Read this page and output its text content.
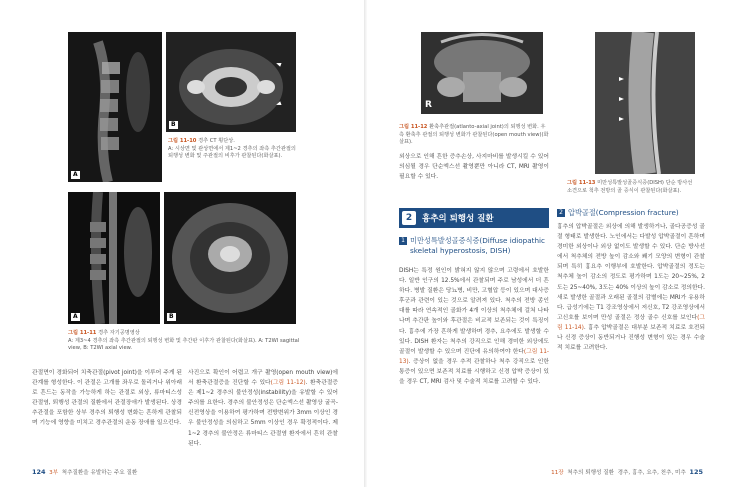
A
B
그림 11-10 경추 CT 횡단상.
A: 시상면 및 관상면에서 제1~2 경추의 좌측 추간관절의 퇴행성 변화 및 주관절의 비후가 관찰된다(화살표).
A	B
그림 11-11 경추 자기공명영상
A: 제3~4 경추의 좌측 추간관절의 퇴행성 변화 및 추간판 이후가 관찰된다(화살표). A: T2WI sagittal view, B: T2WI axial view.

관절면이 경화되어 치축관절(pivot joint)을 이루어 주게 된 관계를 형성한다. 이 관절은 고개를 좌우로 돌리거나 위아래로 흔드는 동작을 가능하게 하는 관절로 외상, 류마티스성 관절염, 퇴행성 관절의 질환에서 관절장애가 발생된다. 상경추관절을 포함한 상부 경추의 퇴행성 변화는 흔하게 관찰되며 기능에 영향을 미치고 경추관절의 운동 장애를 일으킨다.

사진으로 확인이 어렵고 개구 촬영(open mouth view)에서 환축관절증을 진단할 수 있다(그림 11-12). 환축관절증은 제1~2 경추의 불안정성(instability)을 유발할 수 있어 주의를 요한다. 경추의 불안정성은 단순엑스선 촬영상 굴곡-신전영상을 이용하여 평가하며 전방변위가 3mm 이상인 경우 불안정성을 의심하고 5mm 이상인 경우 확정적이다. 제1~2 경추의 불안정은 류마티스 관절염 환자에서 흔히 관찰된다.

124 3부 척추질환을 유발하는 주요 질환
R
그림 11-12 환축추관절(atlanto-axial joint)의 퇴행성 변화. 우측 환축추 관절의 퇴행성 변화가 관찰된다(open mouth view)(화살표).
그림 11-13 미만성특발성골증식증(DISH) 단순 방사선 소견으로 척추 전방의 골 증식이 관찰된다(화살표).

외상으로 인해 흔한 증추손상, 사지마비를 발생시킬 수 있어 의심될 경우 단순엑스선 촬영뿐만 아니라 CT, MRI 촬영이 필요할 수 있다.

2	흉추의 퇴행성 질환
1 미만성특발성골증식증(Diffuse idiopathic skeletal hyperostosis, DISH)

DISH는 특정 원인이 밝혀지 않지 않으며 고령에서 호발한다. 일반 인구의 12.5%에서 관찰되며 주로 남성에서 더 흔하다. 병발 질환은 당뇨병, 비만, 고혈압 등이 있으며 대사증후군과 관련이 있는 것으로 알려져 있다. 척추의 전방 종인대를 따라 연속적인 골화가 4개 이상의 척추체에 걸쳐 나타나며 추간판 높이와 후관절은 비교적 보존되는 것이 특징이다. 흉추에 가장 흔하게 발생하며 경추, 요추에도 발생할 수 있다. DISH 환자는 척추의 강직으로 인해 경미한 외상에도 골절이 발생할 수 있으며 진단에 유의하여야 한다(그림 11-13). 증상이 없을 경우 추적 관찰하나 척추 강직으로 인한 통증이 있으면 보존적 치료를 시행하고 신경 압박 증상이 있을 경우 CT, MRI 검사 및 수술적 치료를 고려할 수 있다.

2 압박골절(Compression fracture)

흉추의 압박골절은 외상에 의해 발생하거나, 골다공증성 골절 형태로 발생한다. 노인에서는 다발성 압박골절이 흔하며 경미한 외상이나 외상 없이도 발생할 수 있다. 단순 방사선에서 척추체의 전방 높이 감소와 쐐기 모양의 변형이 관찰되며 특히 흉요추 이행부에 호발한다. 압박골절의 정도는 척추체 높이 감소의 정도로 평가하며 1도는 20~25%, 2도는 25~40%, 3도는 40% 이상의 높이 감소로 정의한다. 새로 발생한 골절과 오래된 골절의 감별에는 MRI가 유용하다. 급성기에는 T1 강조영상에서 저신호, T2 강조영상에서 고신호를 보이며 만성 골절은 정상 골수 신호를 보인다(그림 11-14). 흉추 압박골절은 대부분 보존적 치료로 호전되나 신경 증상이 동반되거나 진행성 변형이 있는 경우 수술적 치료를 고려한다.

11장 척추의 퇴행성 질환 경추, 흉추, 요추, 천추, 미추 125
